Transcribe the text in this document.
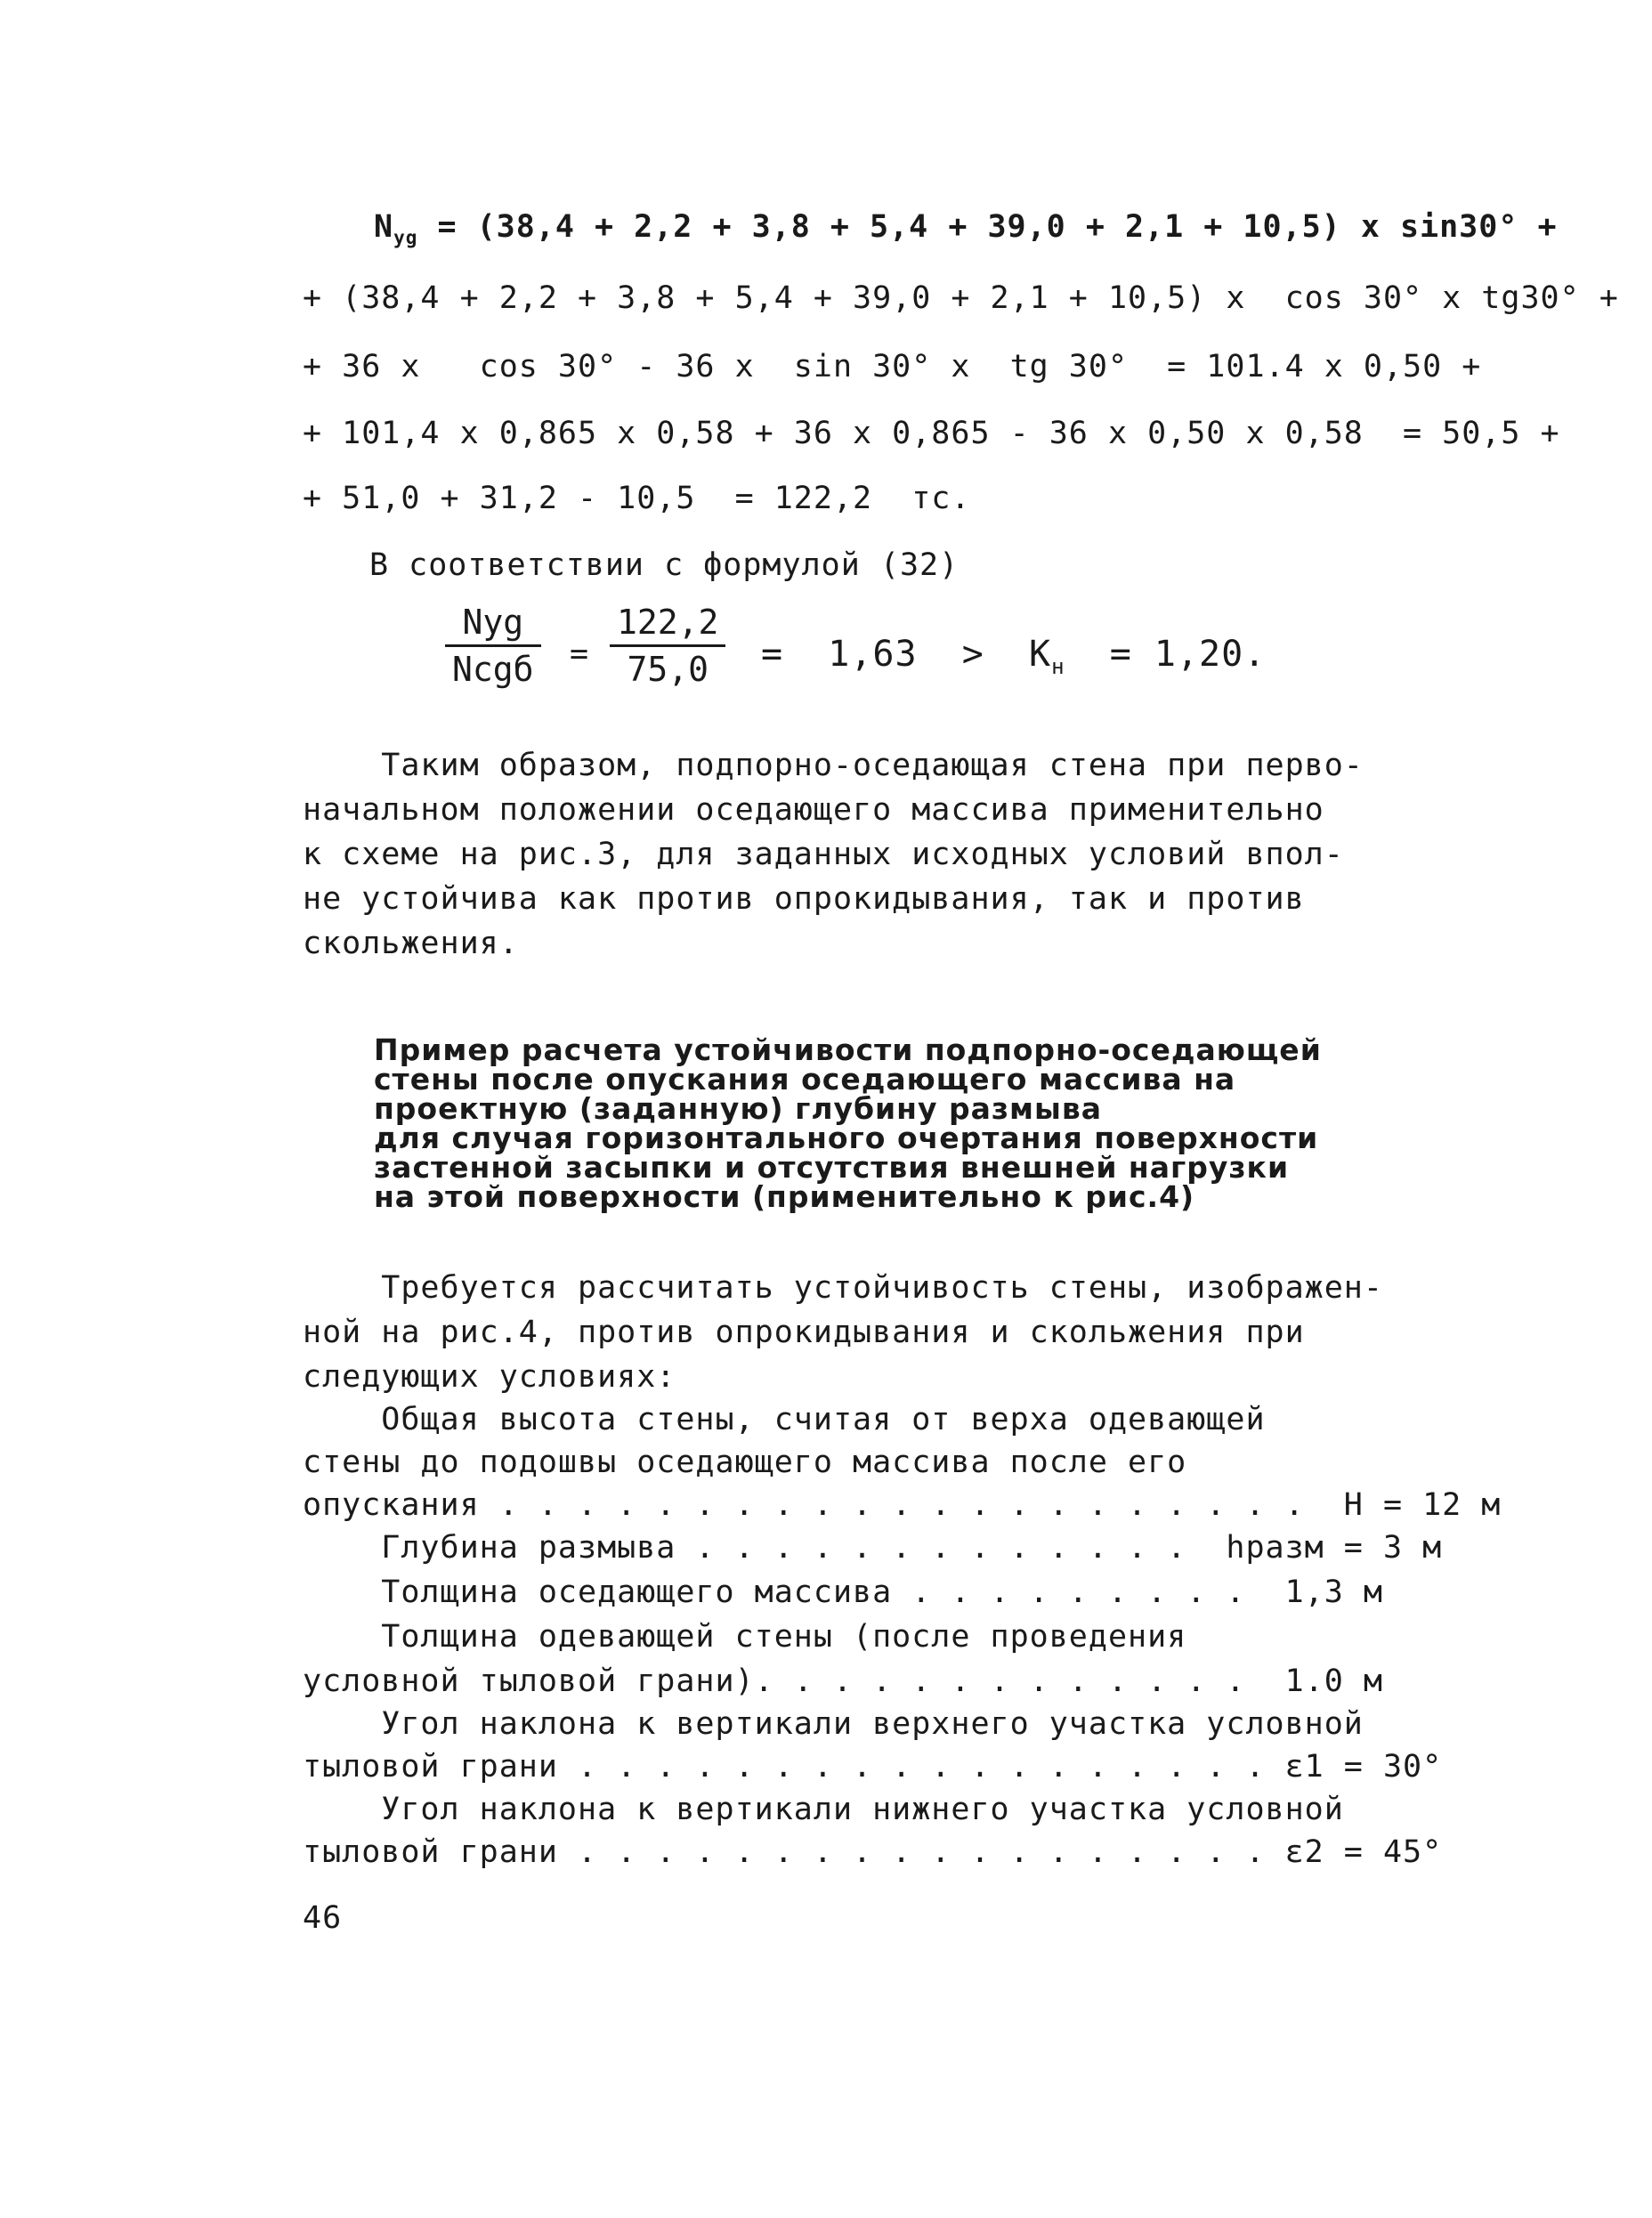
$N_{yg} = (38,4 + 2,2 + 3,8 + 5,4 + 39,0 + 2,1 + 10,5)$ x sin30° +
+ (38,4 + 2,2 + 3,8 + 5,4 + 39,0 + 2,1 + 10,5) x  cos 30° x tg30° +
+ 36 x   cos 30° - 36 x  sin 30° x  tg 30°  = 101.4 x 0,50 +
+ 101,4 x 0,865 x 0,58 + 36 x 0,865 - 36 x 0,50 x 0,58  = 50,5 +
+ 51,0 + 31,2 - 10,5  = 122,2  тс.
В соответствии с формулой (32)
Nyg
Ncgб =
122,2
75,0	=  $1,63 > K_н = 1,20$.
Таким образом, подпорно-оседающая стена при перво-
начальном положении оседающего массива применительно
к схеме на рис.3, для заданных исходных условий впол-
не устойчива как против опрокидывания, так и против
скольжения.
Пример расчета устойчивости подпорно-оседающей
стены после опускания оседающего массива на
проектную (заданную) глубину размыва
для случая горизонтального очертания поверхности
застенной засыпки и отсутствия внешней нагрузки
на этой поверхности (применительно к рис.4)
Требуется рассчитать устойчивость стены, изображен-
ной на рис.4, против опрокидывания и скольжения при
следующих условиях:
Общая высота стены, считая от верха одевающей
стены до подошвы оседающего массива после его
опускания . . . . . . . . . . . . . . . . . . . . .  H = 12 м
Глубина размыва . . . . . . . . . . . . .  hразм = 3 м
Толщина оседающего массива . . . . . . . . .  1,3 м
Толщина одевающей стены (после проведения
условной тыловой грани). . . . . . . . . . . . .  1.0 м
Угол наклона к вертикали верхнего участка условной
тыловой грани . . . . . . . . . . . . . . . . . . ε1 = 30°
Угол наклона к вертикали нижнего участка условной
тыловой грани . . . . . . . . . . . . . . . . . . ε2 = 45°
46
